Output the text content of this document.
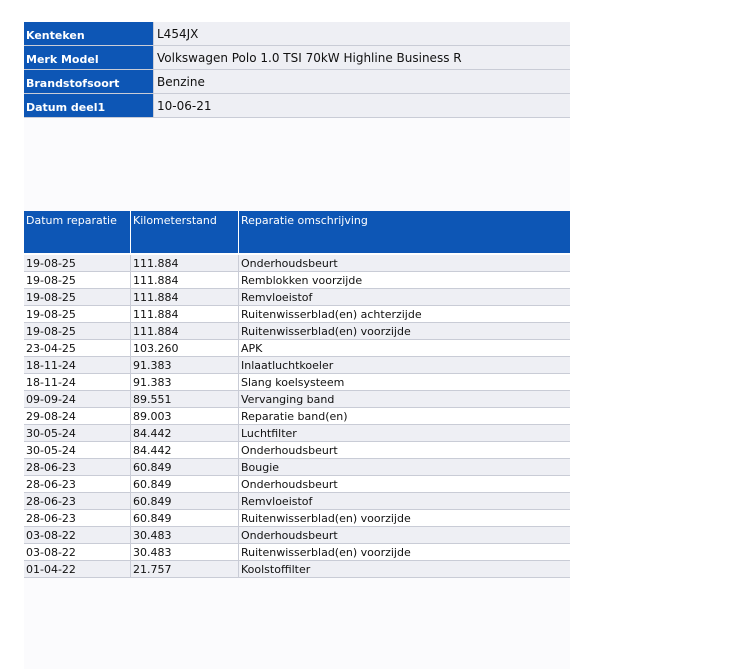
Kenteken	L454JX
Merk Model	Volkswagen Polo 1.0 TSI 70kW Highline Business R
Brandstofsoort	Benzine
Datum deel1	10-06-21
Datum reparatie	Kilometerstand	Reparatie omschrijving
19-08-25	111.884	Onderhoudsbeurt
19-08-25	111.884	Remblokken voorzijde
19-08-25	111.884	Remvloeistof
19-08-25	111.884	Ruitenwisserblad(en) achterzijde
19-08-25	111.884	Ruitenwisserblad(en) voorzijde
23-04-25	103.260	APK
18-11-24	91.383	Inlaatluchtkoeler
18-11-24	91.383	Slang koelsysteem
09-09-24	89.551	Vervanging band
29-08-24	89.003	Reparatie band(en)
30-05-24	84.442	Luchtfilter
30-05-24	84.442	Onderhoudsbeurt
28-06-23	60.849	Bougie
28-06-23	60.849	Onderhoudsbeurt
28-06-23	60.849	Remvloeistof
28-06-23	60.849	Ruitenwisserblad(en) voorzijde
03-08-22	30.483	Onderhoudsbeurt
03-08-22	30.483	Ruitenwisserblad(en) voorzijde
01-04-22	21.757	Koolstoffilter
